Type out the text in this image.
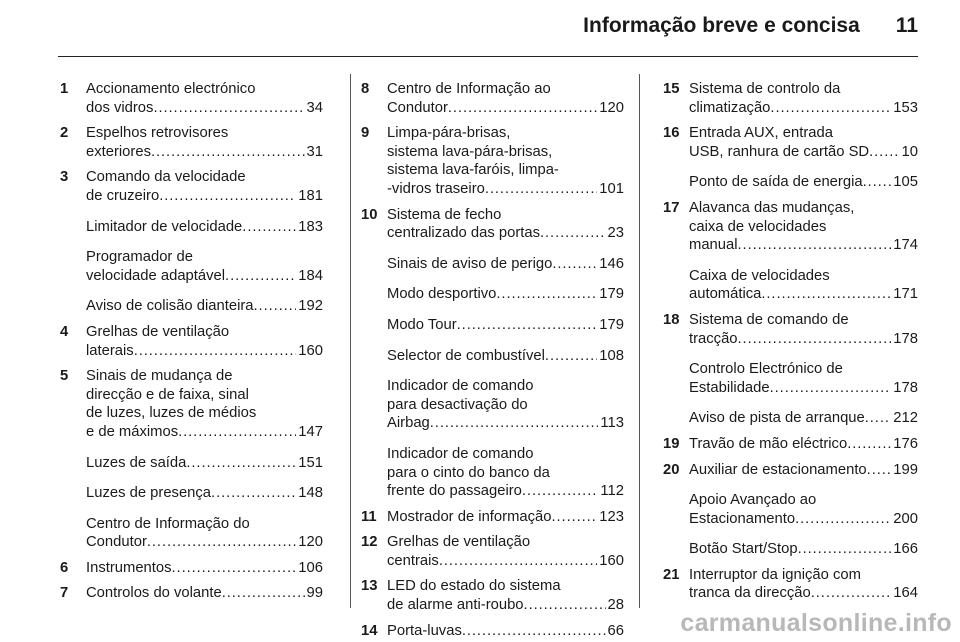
Informação breve e concisa 11
1	Accionamento electrónico
dos vidros . . .	34
2	Espelhos retrovisores
exteriores . . .	31
3	Comando da velocidade
de cruzeiro . . .	181
Limitador de velocidade . . .	183
Programador de
velocidade adaptável . . .	184
Aviso de colisão dianteira . . .	192
4	Grelhas de ventilação
laterais . . .	160
5	Sinais de mudança de
direcção e de faixa, sinal
de luzes, luzes de médios
e de máximos . . .	147
Luzes de saída . . .	151
Luzes de presença . . .	148
Centro de Informação do
Condutor . . .	120
6	Instrumentos . . .	106
7	Controlos do volante . . .	99
8	Centro de Informação ao
Condutor . . .	120
9	Limpa-pára-brisas,
sistema lava-pára-brisas,
sistema lava-faróis, limpa-
-vidros traseiro . . .	101
10 Sistema de fecho
centralizado das portas . . .	23
Sinais de aviso de perigo . . .	146
Modo desportivo . . .	179
Modo Tour . . .	179
Selector de combustível . . .	108
Indicador de comando
para desactivação do
Airbag . . .	113
Indicador de comando
para o cinto do banco da
frente do passageiro . . .	112
11 Mostrador de informação . . .	123
12 Grelhas de ventilação
centrais . . .	160
13 LED do estado do sistema
de alarme anti-roubo . . .	28
14 Porta-luvas . . .	66
15 Sistema de controlo da
climatização . . .	153
16 Entrada AUX, entrada
USB, ranhura de cartão SD . . . 10
Ponto de saída de energia . . . 105
17 Alavanca das mudanças,
caixa de velocidades
manual . . .	174
Caixa de velocidades
automática . . .	171
18 Sistema de comando de
tracção . . .	178
Controlo Electrónico de
Estabilidade . . .	178
Aviso de pista de arranque . . . 212
19 Travão de mão eléctrico . . .	176
20 Auxiliar de estacionamento . . . 199
Apoio Avançado ao
Estacionamento . . .	200
Botão Start/Stop . . .	166
21 Interruptor da ignição com
tranca da direcção . . .	164
carmanualsonline.info
